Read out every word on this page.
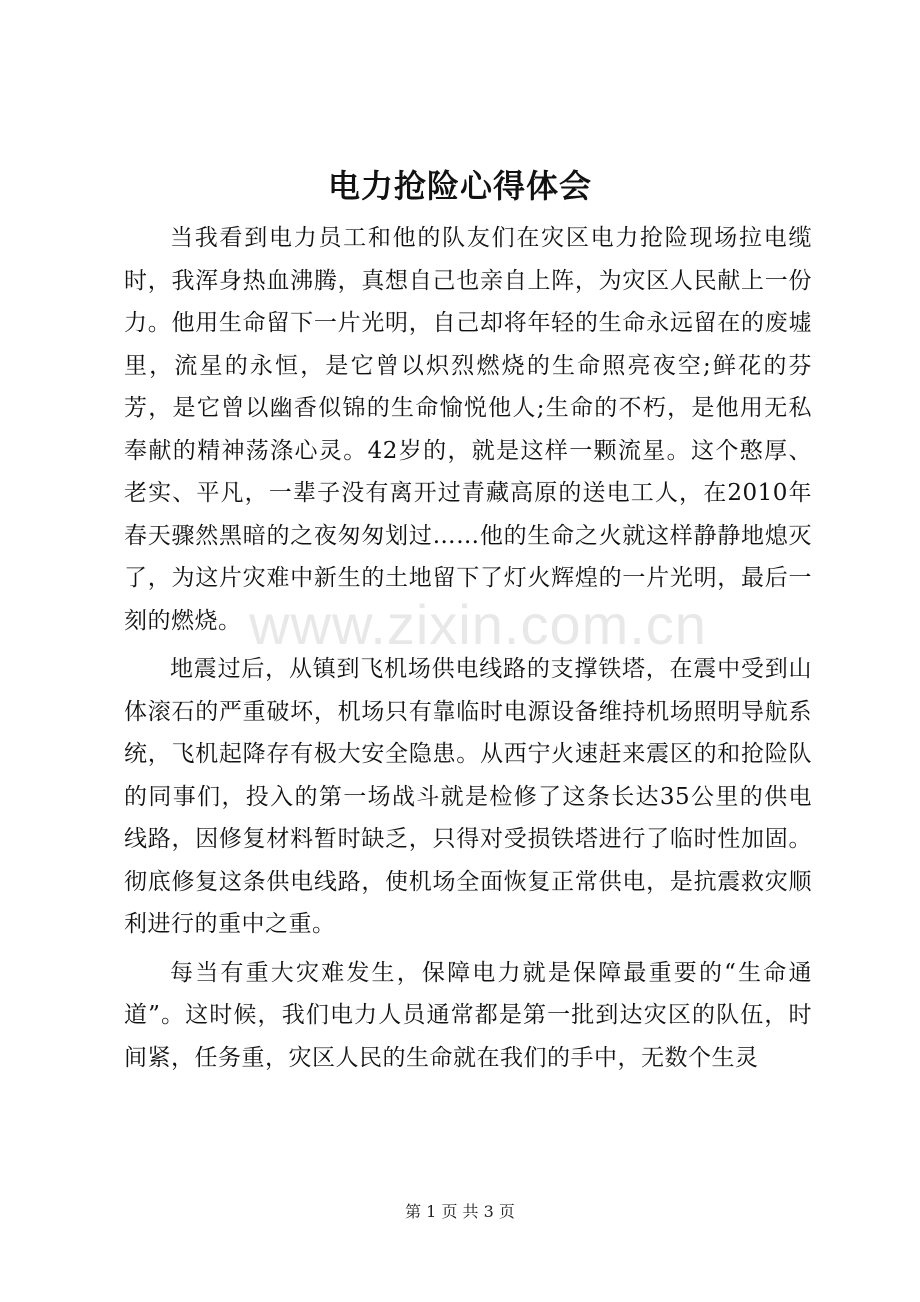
电力抢险心得体会

当我看到电力员工和他的队友们在灾区电力抢险现场拉电缆时，我浑身热血沸腾，真想自己也亲自上阵，为灾区人民献上一份力。他用生命留下一片光明，自己却将年轻的生命永远留在的废墟里，流星的永恒，是它曾以炽烈燃烧的生命照亮夜空;鲜花的芬芳，是它曾以幽香似锦的生命愉悦他人;生命的不朽，是他用无私奉献的精神荡涤心灵。42岁的，就是这样一颗流星。这个憨厚、老实、平凡，一辈子没有离开过青藏高原的送电工人，在2010年春天骤然黑暗的之夜匆匆划过……他的生命之火就这样静静地熄灭了，为这片灾难中新生的土地留下了灯火辉煌的一片光明，最后一刻的燃烧。

地震过后，从镇到飞机场供电线路的支撑铁塔，在震中受到山体滚石的严重破坏，机场只有靠临时电源设备维持机场照明导航系统，飞机起降存有极大安全隐患。从西宁火速赶来震区的和抢险队的同事们，投入的第一场战斗就是检修了这条长达35公里的供电线路，因修复材料暂时缺乏，只得对受损铁塔进行了临时性加固。彻底修复这条供电线路，使机场全面恢复正常供电，是抗震救灾顺利进行的重中之重。

每当有重大灾难发生，保障电力就是保障最重要的“生命通道”。这时候，我们电力人员通常都是第一批到达灾区的队伍，时间紧，任务重，灾区人民的生命就在我们的手中，无数个生灵

www.zixin.com.cn
第 1 页 共 3 页
